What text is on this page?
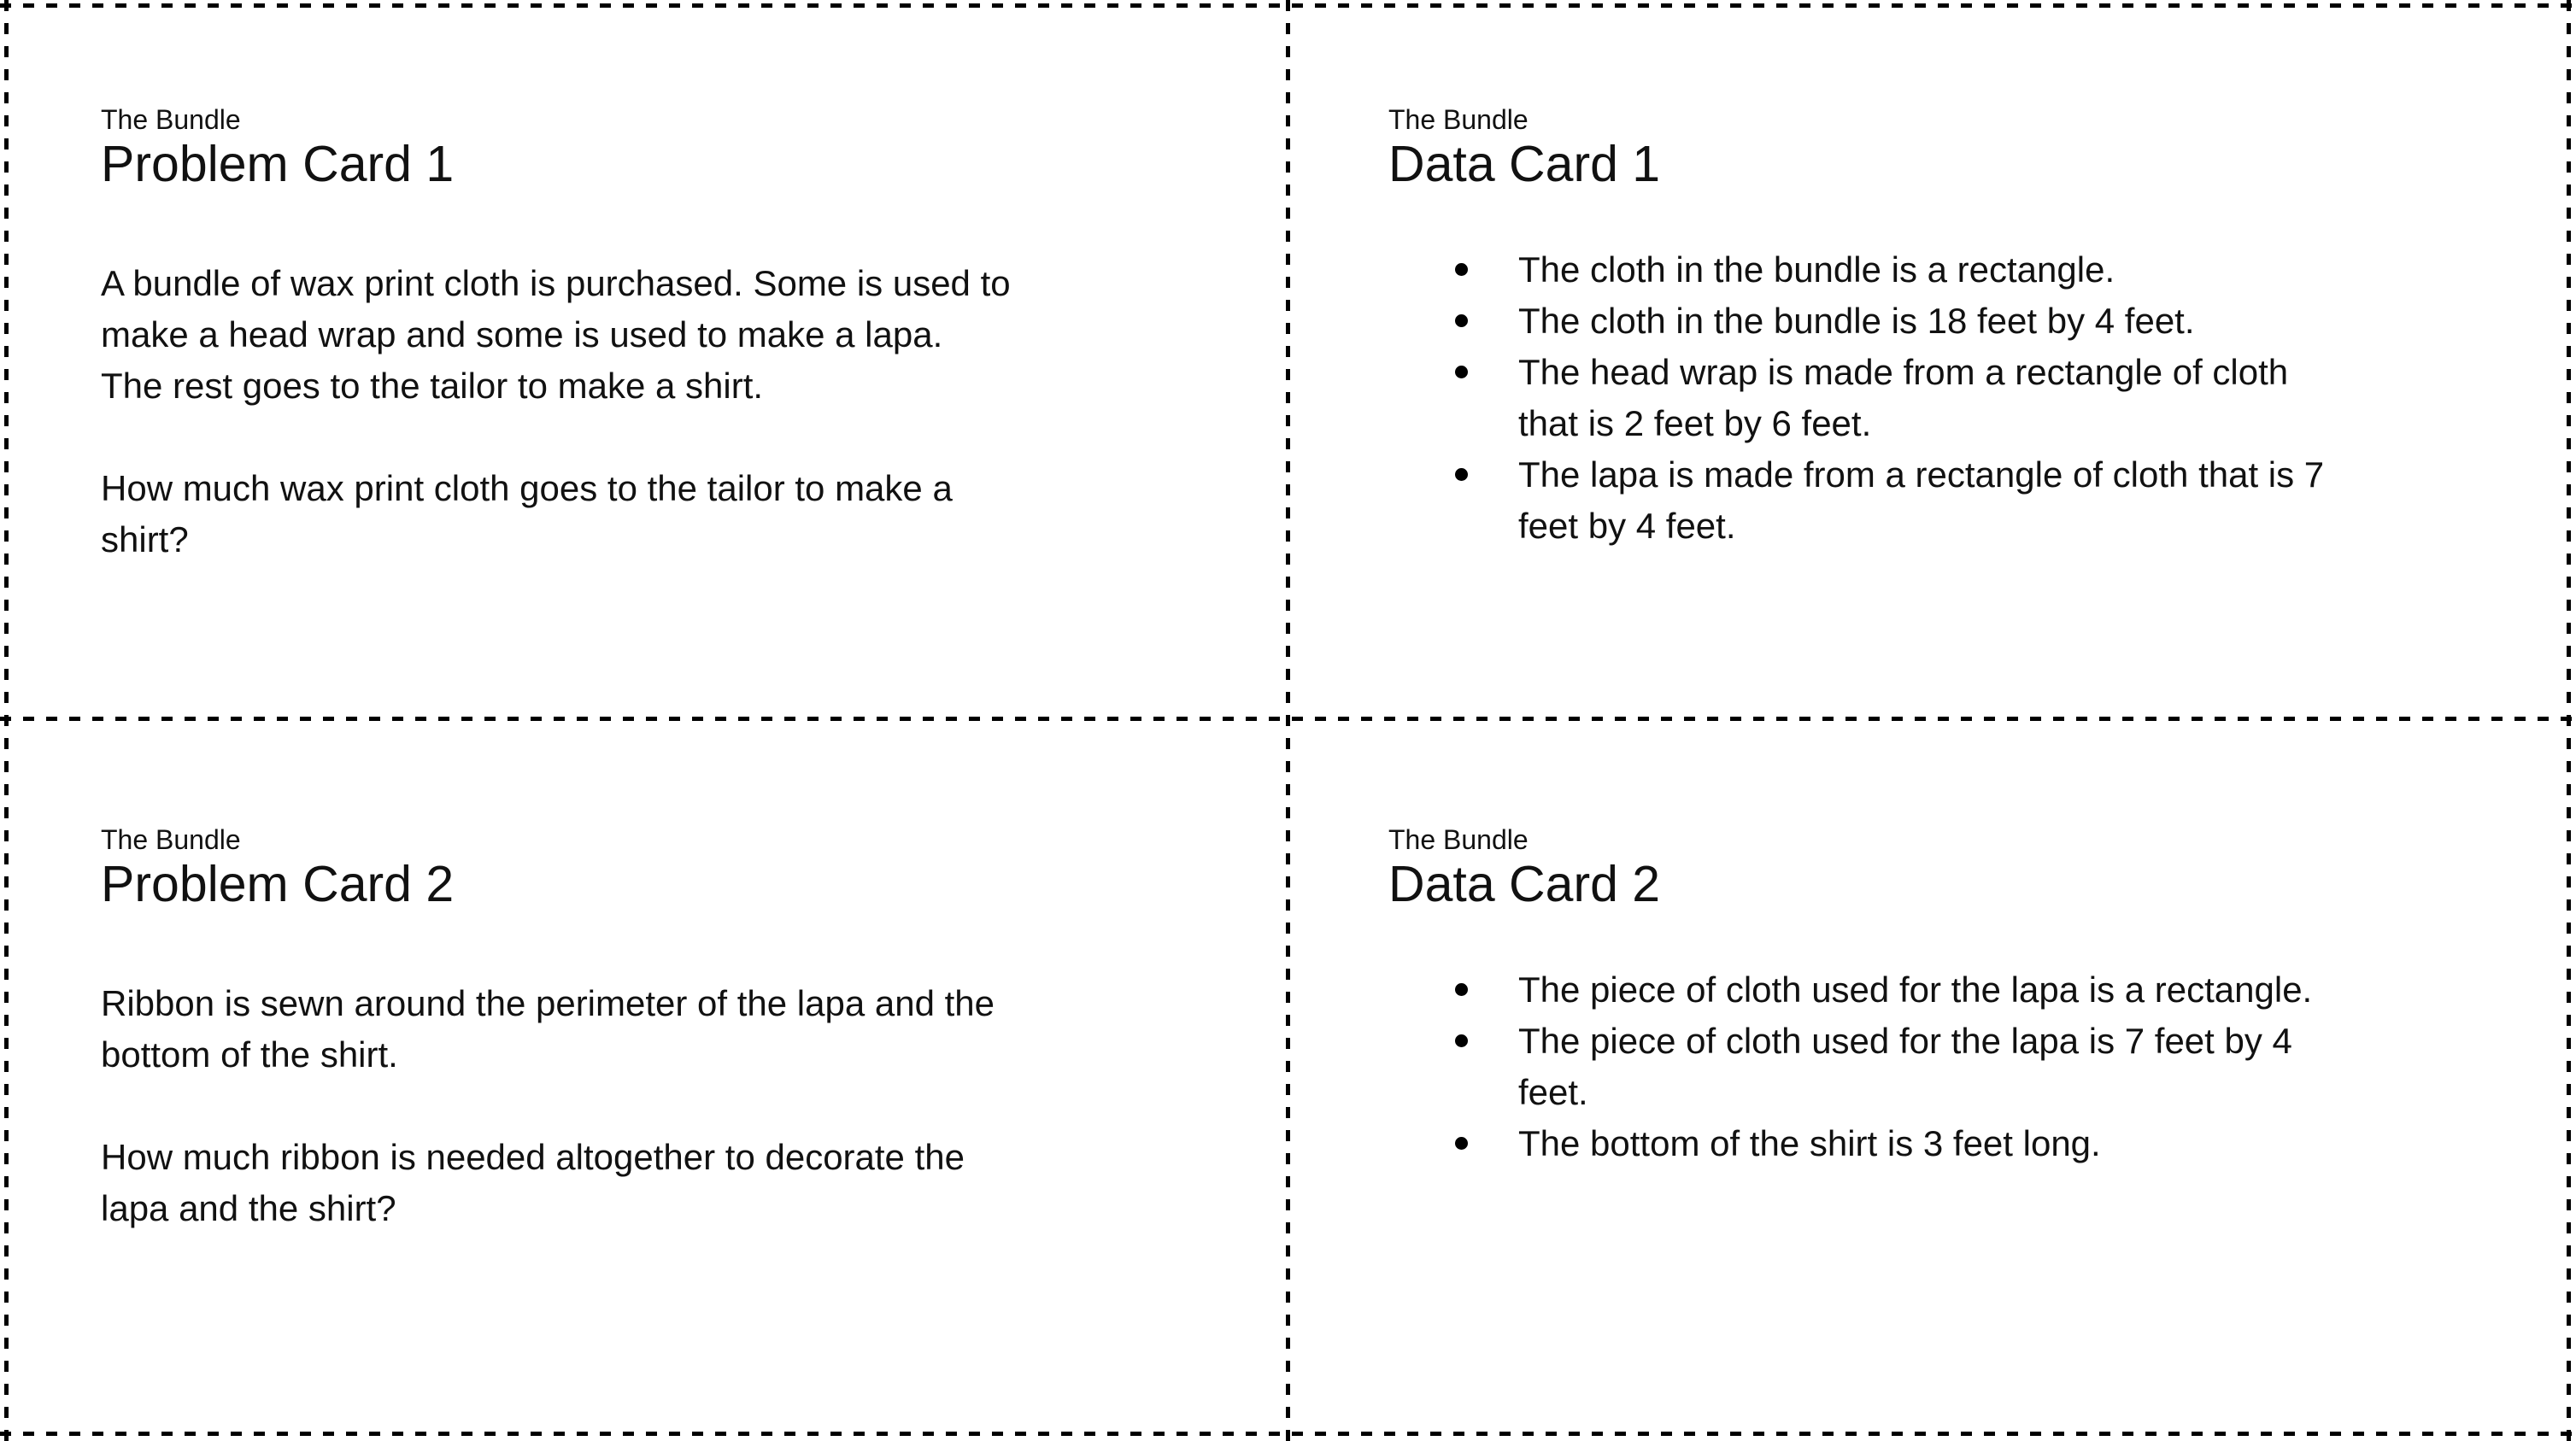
The Bundle
Problem Card 1
A bundle of wax print cloth is purchased. Some is used to
make a head wrap and some is used to make a lapa.
The rest goes to the tailor to make a shirt.
How much wax print cloth goes to the tailor to make a
shirt?
The Bundle
Data Card 1
The cloth in the bundle is a rectangle.
The cloth in the bundle is 18 feet by 4 feet.
The head wrap is made from a rectangle of cloth
that is 2 feet by 6 feet.
The lapa is made from a rectangle of cloth that is 7
feet by 4 feet.
The Bundle
Problem Card 2
Ribbon is sewn around the perimeter of the lapa and the
bottom of the shirt.
How much ribbon is needed altogether to decorate the
lapa and the shirt?
The Bundle
Data Card 2
The piece of cloth used for the lapa is a rectangle.
The piece of cloth used for the lapa is 7 feet by 4
feet.
The bottom of the shirt is 3 feet long.
